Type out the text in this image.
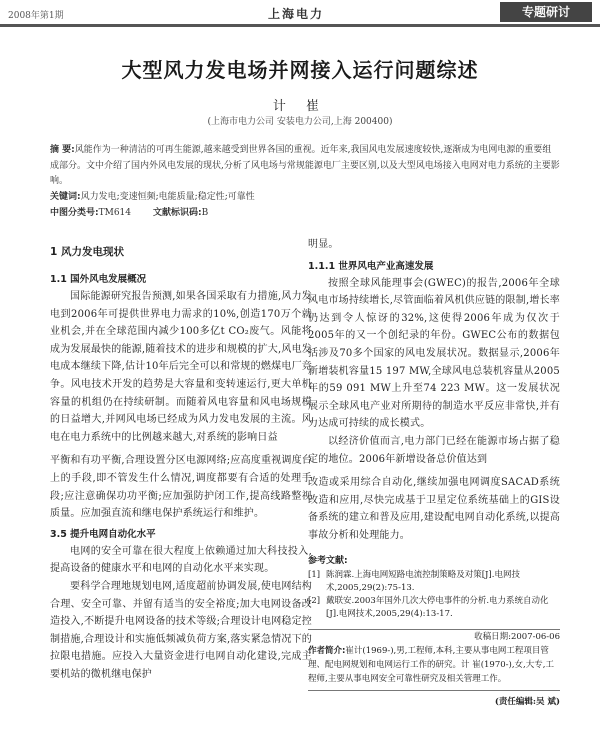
2008年第1期	上海电力	专题研讨
大型风力发电场并网接入运行问题综述
计 崔
(上海市电力公司 安装电力公司,上海 200400)
摘 要:风能作为一种清洁的可再生能源,越来越受到世界各国的重视。近年来,我国风电发展速度较快,逐渐成为电网电源的重要组成部分。文中介绍了国内外风电发展的现状,分析了风电场与常规能源电厂主要区别,以及大型风电场接入电网对电力系统的主要影响。
关键词:风力发电;变速恒频;电能质量;稳定性;可靠性
中图分类号:TM614 文献标识码:B

1 风力发电现状

1.1 国外风电发展概况

国际能源研究报告预测,如果各国采取有力措施,风力发电到2006年可提供世界电力需求的10%,创造170万个就业机会,并在全球范围内减少100多亿t CO₂废气。风能将成为发展最快的能源,随着技术的进步和规模的扩大,风电发电成本继续下降,估计10年后完全可以和常规的燃煤电厂竞争。风电技术开发的趋势是大容量和变转速运行,更大单机容量的机组仍在持续研制。而随着风电容量和风电场规模的日益增大,并网风电场已经成为风力发电发展的主流。风电在电力系统中的比例越来越大,对系统的影响日益

平衡和有功平衡,合理设置分区电源网络;应高度重视调度台上的手段,即不管发生什么情况,调度都要有合适的处理手段;应注意确保功功平衡;应加强防护闭工作,提高线路整视质量。应加强直流和继电保护系统运行和维护。

3.5 提升电网自动化水平

电网的安全可靠在很大程度上依赖通过加大科技投入,提高设备的健康水平和电网的自动化水平来实现。

要科学合理地规划电网,适度超前协调发展,使电网结构合理、安全可靠、并留有适当的安全裕度;加大电网设备改造投入,不断提升电网设备的技术等级;合理设计电网稳定控制措施,合理设计和实施低频减负荷方案,落实紧急情况下的拉限电措施。应投入大量资金进行电网自动化建设,完成主要机站的微机继电保护

明显。

1.1.1 世界风电产业高速发展

按照全球风能理事会(GWEC)的报告,2006年全球风电市场持续增长,尽管面临着风机供应链的限制,增长率仍达到令人惊讶的32%,这使得2006年成为仅次于2005年的又一个创纪录的年份。GWEC公布的数据包括涉及70多个国家的风电发展状况。数据显示,2006年新增装机容量15 197 MW,全球风电总装机容量从2005年的59 091 MW上升至74 223 MW。这一发展状况展示全球风电产业对所期待的制造水平反应非常快,并有力达成可持续的成长模式。

以经济价值而言,电力部门已经在能源市场占据了稳定的地位。2006年新增设备总价值达到

改造或采用综合自动化,继续加强电网调度SACAD系统改造和应用,尽快完成基于卫星定位系统基础上的GIS设备系统的建立和普及应用,建设配电网自动化系统,以提高事故分析和处理能力。

参考文献:

[1] 陈润霖.上海电网短路电流控制策略及对策[J].电网技术,2005,29(2):75-13.

[2] 戴联安.2003年国外几次大停电事件的分析.电力系统自动化[J].电网技术,2005,29(4):13-17.

收稿日期:2007-06-06

作者简介:崔计(1969-),男,工程师,本科,主要从事电网工程项目管理、配电网规划和电网运行工作的研究。计 崔(1970-),女,大专,工程师,主要从事电网安全可靠性研究及相关管理工作。

(责任编辑:吴 斌)
